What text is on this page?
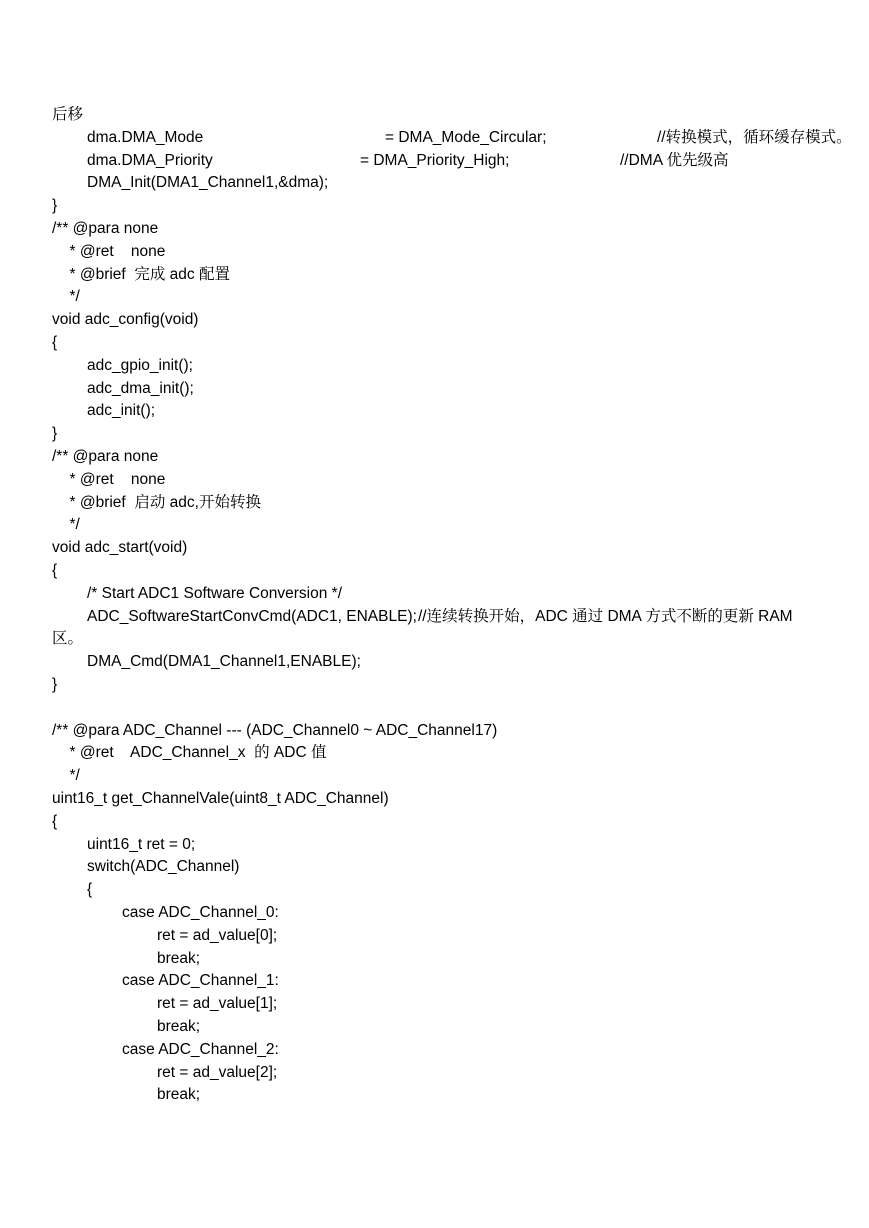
后移
dma.DMA_Mode	= DMA_Mode_Circular;	//转换模式，循环缓存模式。
dma.DMA_Priority	= DMA_Priority_High;	//DMA 优先级高
DMA_Init(DMA1_Channel1,&dma);
}
/** @para none
* @ret    none
* @brief  完成 adc 配置
*/
void adc_config(void)
{
adc_gpio_init();
adc_dma_init();
adc_init();
}
/** @para none
* @ret    none
* @brief  启动 adc,开始转换
*/
void adc_start(void)
{
/* Start ADC1 Software Conversion */
ADC_SoftwareStartConvCmd(ADC1, ENABLE); //连续转换开始，ADC 通过 DMA 方式不断的更新 RAM
区。
DMA_Cmd(DMA1_Channel1,ENABLE);
}
/** @para ADC_Channel --- (ADC_Channel0 ~ ADC_Channel17)
* @ret    ADC_Channel_x  的 ADC 值
*/
uint16_t get_ChannelVale(uint8_t ADC_Channel)
{
uint16_t ret = 0;
switch(ADC_Channel)
{
case ADC_Channel_0:
ret = ad_value[0];
break;
case ADC_Channel_1:
ret = ad_value[1];
break;
case ADC_Channel_2:
ret = ad_value[2];
break;
